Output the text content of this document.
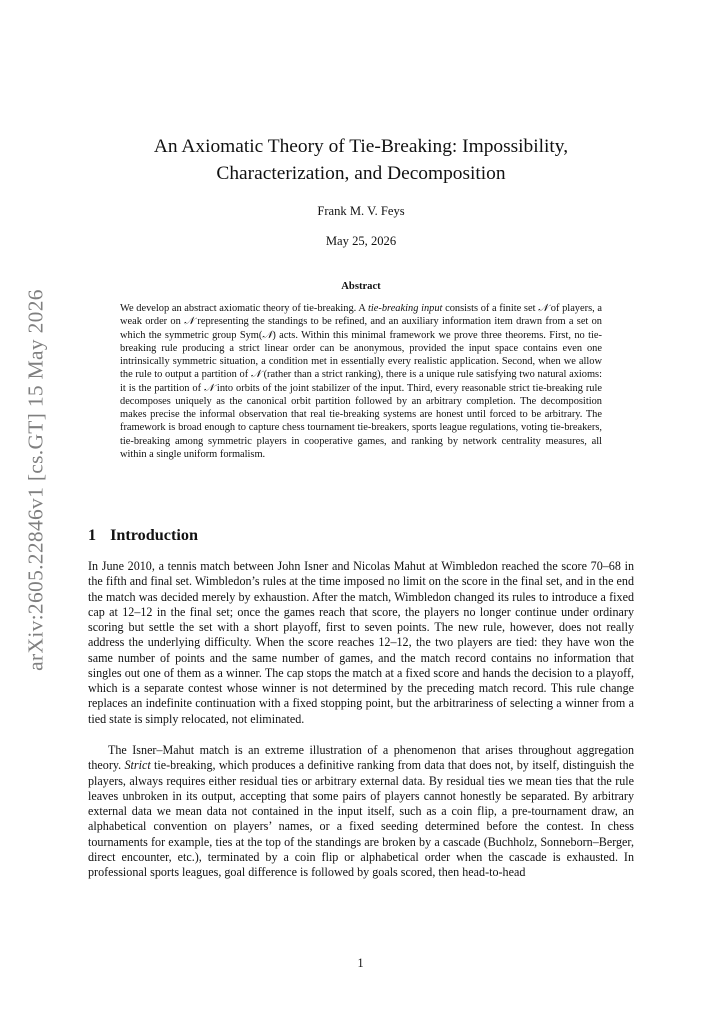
arXiv:2605.22846v1 [cs.GT] 15 May 2026
An Axiomatic Theory of Tie-Breaking: Impossibility,
Characterization, and Decomposition
Frank M. V. Feys
May 25, 2026
Abstract

We develop an abstract axiomatic theory of tie-breaking. A tie-breaking input consists of a finite set 𝒩 of players, a weak order on 𝒩 representing the standings to be refined, and an auxiliary information item drawn from a set on which the symmetric group Sym(𝒩) acts. Within this minimal framework we prove three theorems. First, no tie-breaking rule producing a strict linear order can be anonymous, provided the input space contains even one intrinsically symmetric situation, a condition met in essentially every realistic application. Second, when we allow the rule to output a partition of 𝒩 (rather than a strict ranking), there is a unique rule satisfying two natural axioms: it is the partition of 𝒩 into orbits of the joint stabilizer of the input. Third, every reasonable strict tie-breaking rule decomposes uniquely as the canonical orbit partition followed by an arbitrary completion. The decomposition makes precise the informal observation that real tie-breaking systems are honest until forced to be arbitrary. The framework is broad enough to capture chess tournament tie-breakers, sports league regulations, voting tie-breakers, tie-breaking among symmetric players in cooperative games, and ranking by network centrality measures, all within a single uniform formalism.

1 Introduction

In June 2010, a tennis match between John Isner and Nicolas Mahut at Wimbledon reached the score 70–68 in the fifth and final set. Wimbledon’s rules at the time imposed no limit on the score in the final set, and in the end the match was decided merely by exhaustion. After the match, Wimbledon changed its rules to introduce a fixed cap at 12–12 in the final set; once the games reach that score, the players no longer continue under ordinary scoring but settle the set with a short playoff, first to seven points. The new rule, however, does not really address the underlying difficulty. When the score reaches 12–12, the two players are tied: they have won the same number of points and the same number of games, and the match record contains no information that singles out one of them as a winner. The cap stops the match at a fixed score and hands the decision to a playoff, which is a separate contest whose winner is not determined by the preceding match record. This rule change replaces an indefinite continuation with a fixed stopping point, but the arbitrariness of selecting a winner from a tied state is simply relocated, not eliminated.

The Isner–Mahut match is an extreme illustration of a phenomenon that arises throughout aggregation theory. Strict tie-breaking, which produces a definitive ranking from data that does not, by itself, distinguish the players, always requires either residual ties or arbitrary external data. By residual ties we mean ties that the rule leaves unbroken in its output, accepting that some pairs of players cannot honestly be separated. By arbitrary external data we mean data not contained in the input itself, such as a coin flip, a pre-tournament draw, an alphabetical convention on players’ names, or a fixed seeding determined before the contest. In chess tournaments for example, ties at the top of the standings are broken by a cascade (Buchholz, Sonneborn–Berger, direct encounter, etc.), terminated by a coin flip or alphabetical order when the cascade is exhausted. In professional sports leagues, goal difference is followed by goals scored, then head-to-head

1
